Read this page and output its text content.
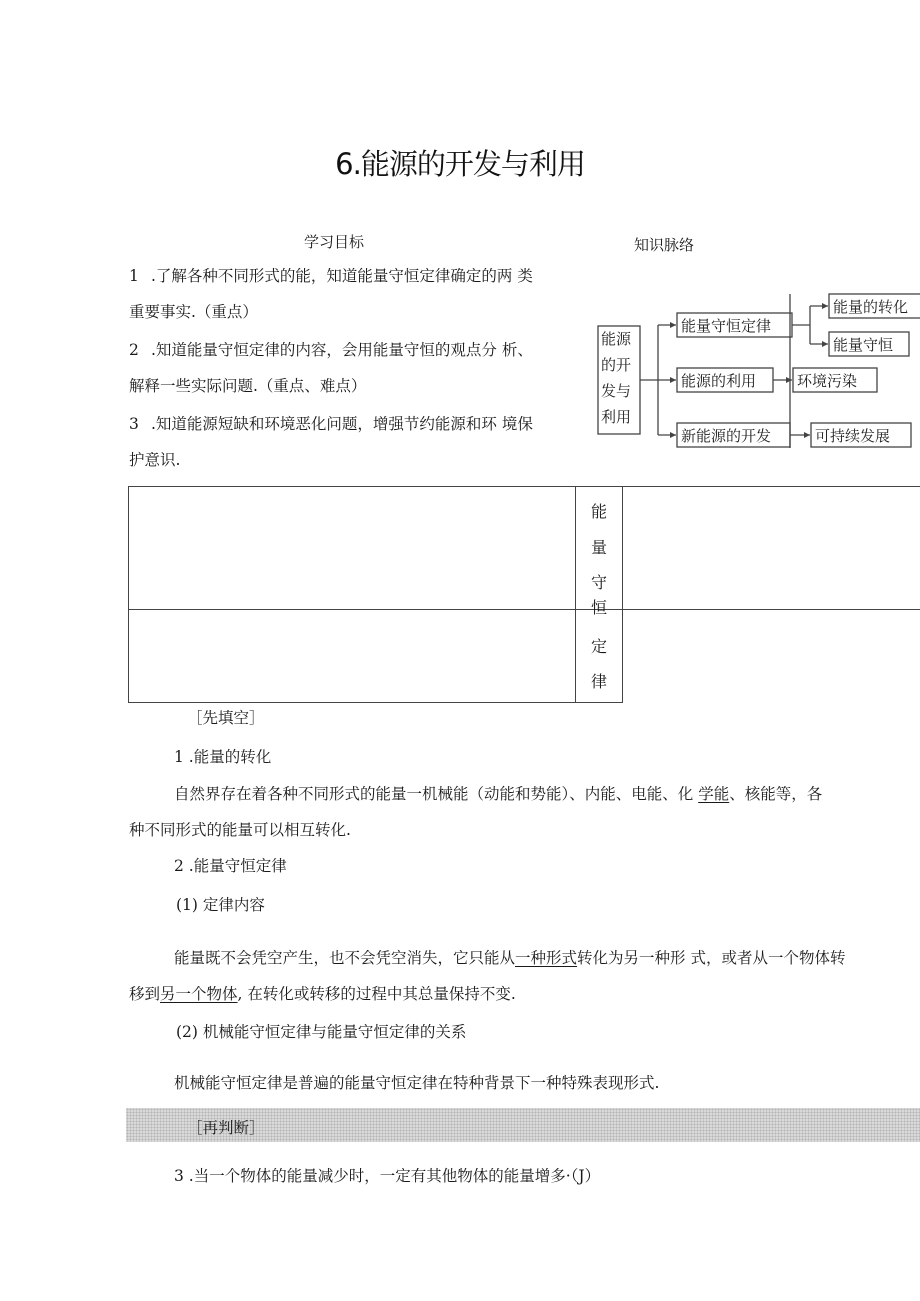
6.能源的开发与利用
学习目标
1 .了解各种不同形式的能，知道能量守恒定律确定的两 类
重要事实.（重点）
2 .知道能量守恒定律的内容，会用能量守恒的观点分 析、
解释一些实际问题.（重点、难点）
3 .知道能源短缺和环境恶化问题，增强节约能源和环 境保
护意识.
知识脉络
能源
的开
发与
利用
能量守恒定律
能源的利用
新能源的开发
能量的转化
能量守恒
环境污染
可持续发展
能
量
守
恒
定
律
［先填空］
1 .能量的转化
自然界存在着各种不同形式的能量一机械能（动能和势能）、内能、电能、化 学能、核能等，各
种不同形式的能量可以相互转化.
2 .能量守恒定律
(1) 定律内容
能量既不会凭空产生，也不会凭空消失，它只能从一种形式转化为另一种形 式，或者从一个物体转
移到另一个物体, 在转化或转移的过程中其总量保持不变.
(2) 机械能守恒定律与能量守恒定律的关系
机械能守恒定律是普遍的能量守恒定律在特种背景下一种特殊表现形式.
［再判断］
3 .当一个物体的能量减少时，一定有其他物体的能量增多·（J）
